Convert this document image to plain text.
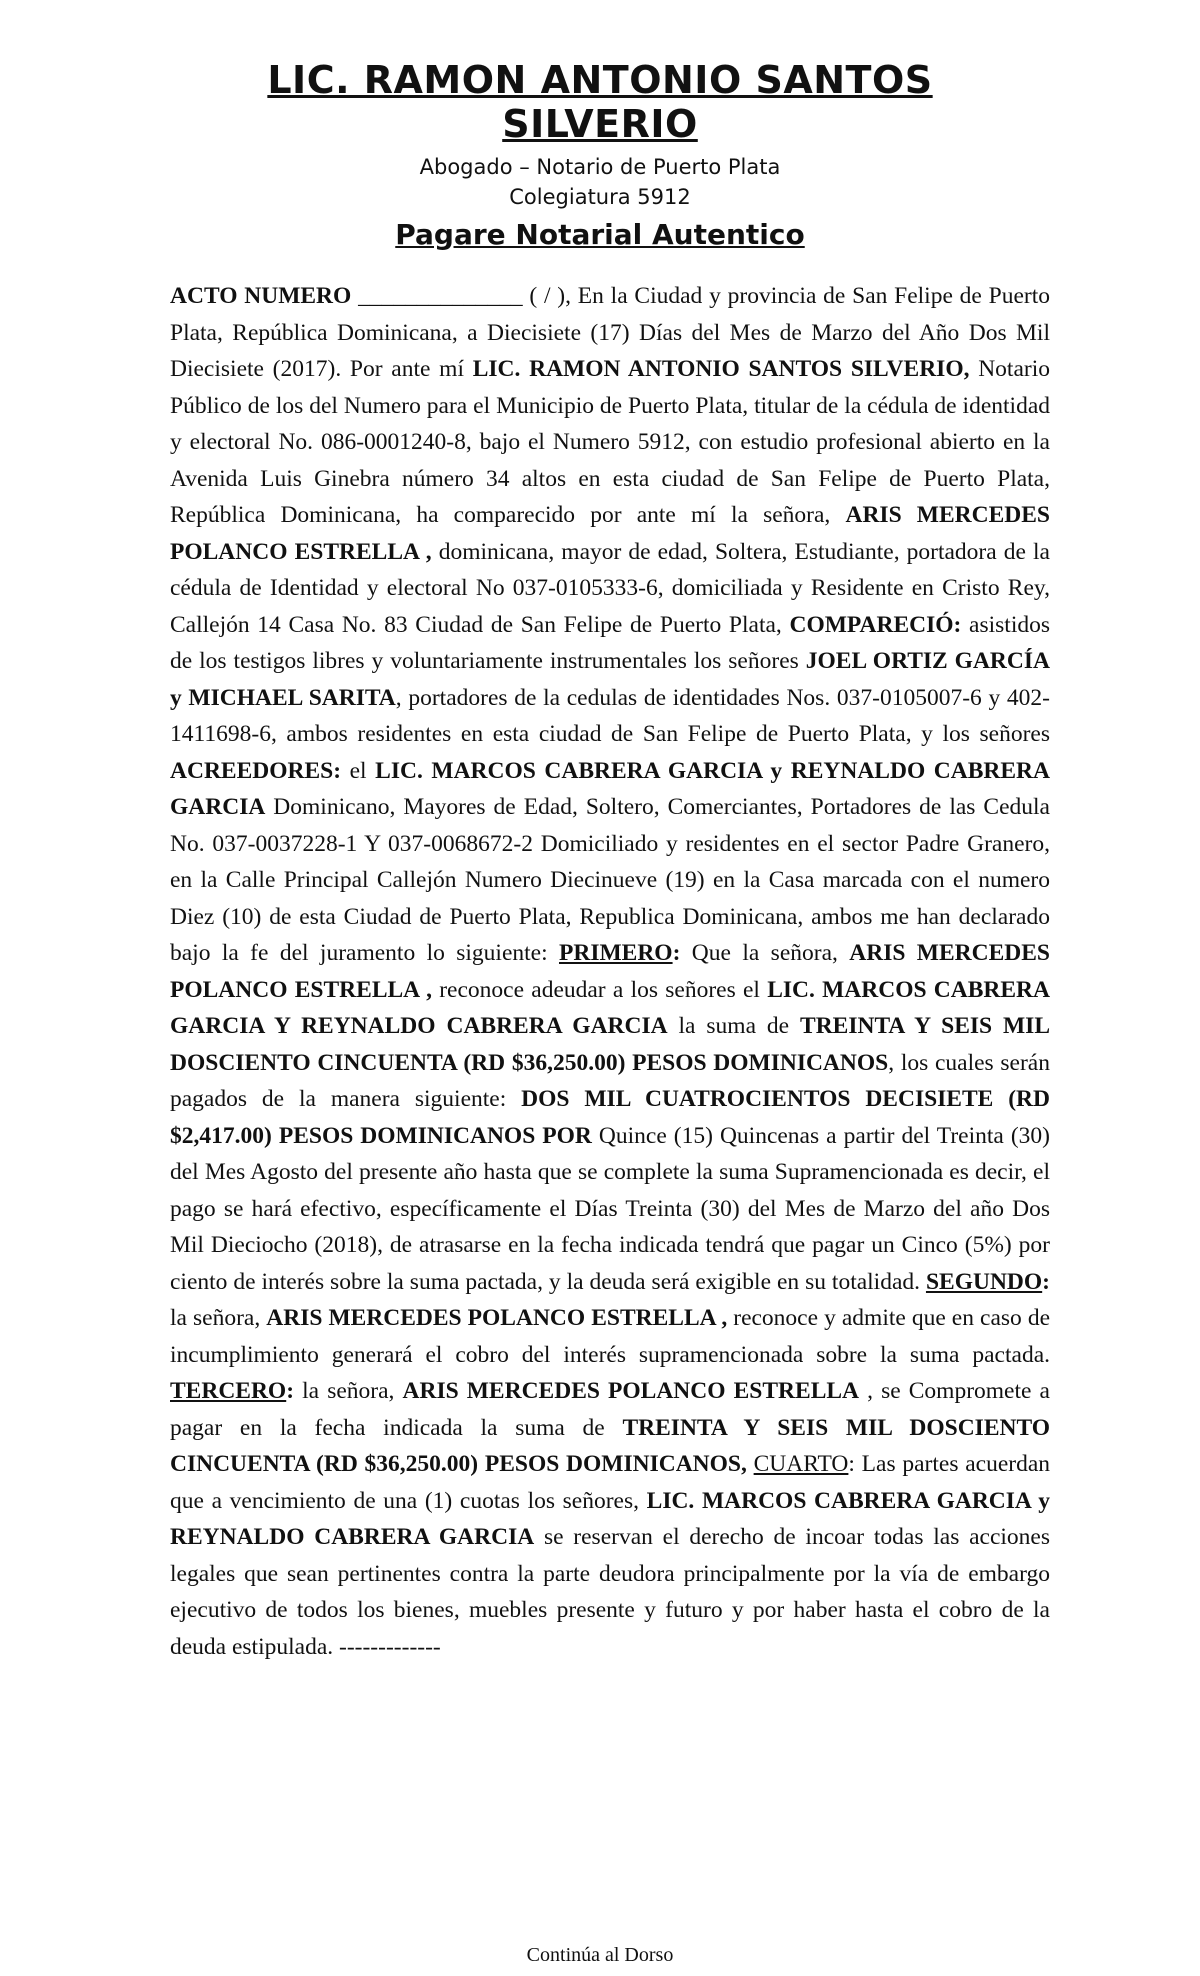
LIC. RAMON ANTONIO SANTOS SILVERIO
Abogado – Notario de Puerto Plata
Colegiatura 5912
Pagare Notarial Autentico
ACTO NUMERO ______________ ( / ), En la Ciudad y provincia de San Felipe de Puerto Plata, República Dominicana, a Diecisiete (17) Días del Mes de Marzo del Año Dos Mil Diecisiete (2017). Por ante mí LIC. RAMON ANTONIO SANTOS SILVERIO, Notario Público de los del Numero para el Municipio de Puerto Plata, titular de la cédula de identidad y electoral No. 086-0001240-8, bajo el Numero 5912, con estudio profesional abierto en la Avenida Luis Ginebra número 34 altos en esta ciudad de San Felipe de Puerto Plata, República Dominicana, ha comparecido por ante mí la señora, ARIS MERCEDES POLANCO ESTRELLA , dominicana, mayor de edad, Soltera, Estudiante, portadora de la cédula de Identidad y electoral No 037-0105333-6, domiciliada y Residente en Cristo Rey, Callejón 14 Casa No. 83 Ciudad de San Felipe de Puerto Plata, COMPARECIÓ: asistidos de los testigos libres y voluntariamente instrumentales los señores JOEL ORTIZ GARCÍA y MICHAEL SARITA, portadores de la cedulas de identidades Nos. 037-0105007-6 y 402-1411698-6, ambos residentes en esta ciudad de San Felipe de Puerto Plata, y los señores ACREEDORES: el LIC. MARCOS CABRERA GARCIA y REYNALDO CABRERA GARCIA Dominicano, Mayores de Edad, Soltero, Comerciantes, Portadores de las Cedula No. 037-0037228-1 Y 037-0068672-2 Domiciliado y residentes en el sector Padre Granero, en la Calle Principal Callejón Numero Diecinueve (19) en la Casa marcada con el numero Diez (10) de esta Ciudad de Puerto Plata, Republica Dominicana, ambos me han declarado bajo la fe del juramento lo siguiente: PRIMERO: Que la señora, ARIS MERCEDES POLANCO ESTRELLA , reconoce adeudar a los señores el LIC. MARCOS CABRERA GARCIA Y REYNALDO CABRERA GARCIA la suma de TREINTA Y SEIS MIL DOSCIENTO CINCUENTA (RD $36,250.00) PESOS DOMINICANOS, los cuales serán pagados de la manera siguiente: DOS MIL CUATROCIENTOS DECISIETE (RD $2,417.00) PESOS DOMINICANOS POR Quince (15) Quincenas a partir del Treinta (30) del Mes Agosto del presente año hasta que se complete la suma Supramencionada es decir, el pago se hará efectivo, específicamente el Días Treinta (30) del Mes de Marzo del año Dos Mil Dieciocho (2018), de atrasarse en la fecha indicada tendrá que pagar un Cinco (5%) por ciento de interés sobre la suma pactada, y la deuda será exigible en su totalidad. SEGUNDO: la señora, ARIS MERCEDES POLANCO ESTRELLA , reconoce y admite que en caso de incumplimiento generará el cobro del interés supramencionada sobre la suma pactada. TERCERO: la señora, ARIS MERCEDES POLANCO ESTRELLA , se Compromete a pagar en la fecha indicada la suma de TREINTA Y SEIS MIL DOSCIENTO CINCUENTA (RD $36,250.00) PESOS DOMINICANOS, CUARTO: Las partes acuerdan que a vencimiento de una (1) cuotas los señores, LIC. MARCOS CABRERA GARCIA y REYNALDO CABRERA GARCIA se reservan el derecho de incoar todas las acciones legales que sean pertinentes contra la parte deudora principalmente por la vía de embargo ejecutivo de todos los bienes, muebles presente y futuro y por haber hasta el cobro de la deuda estipulada. -------------
Continúa al Dorso
